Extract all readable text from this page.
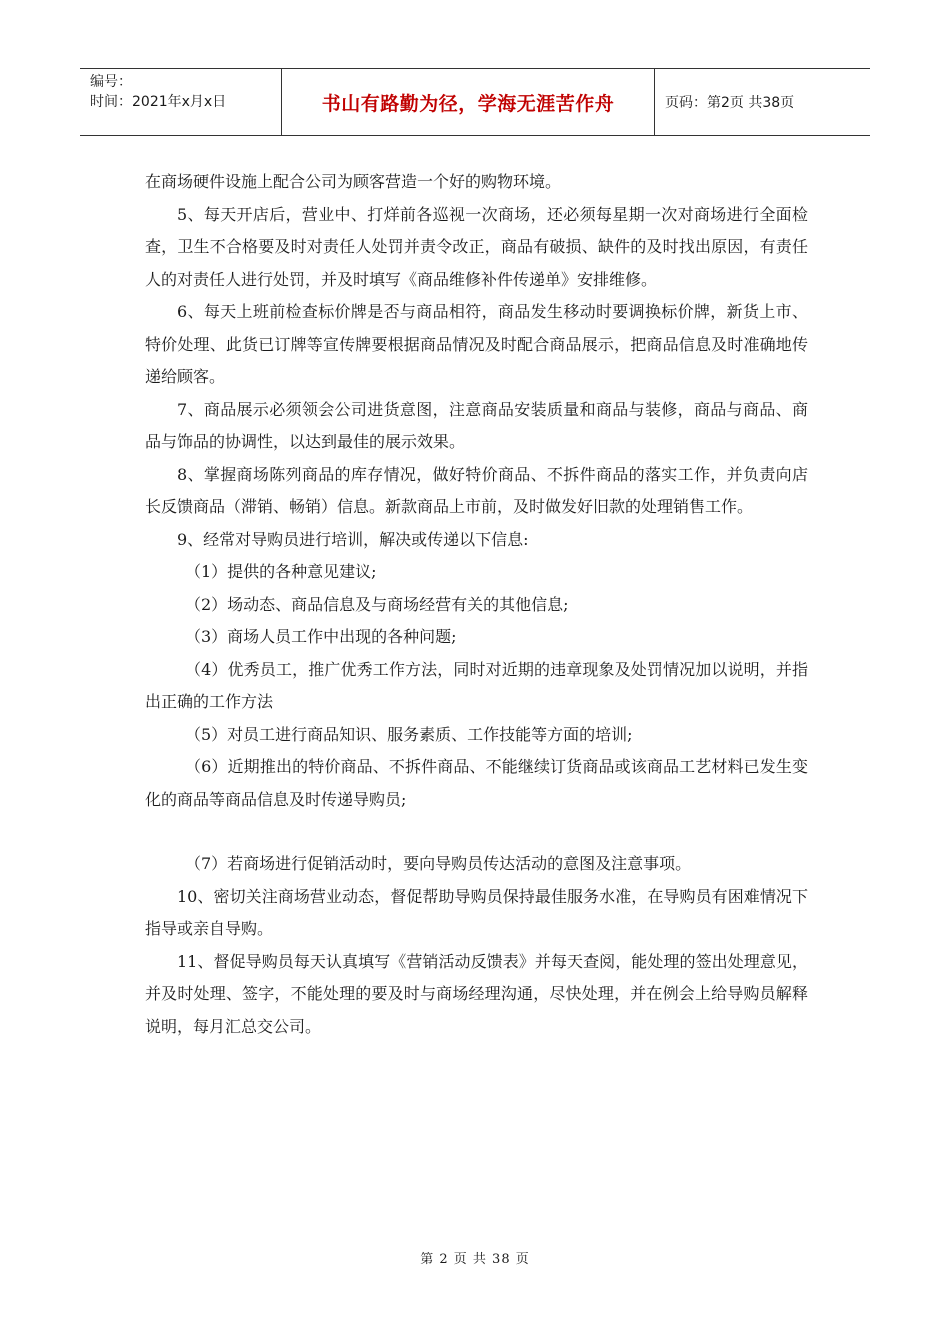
编号：
时间：2021年x月x日	书山有路勤为径，学海无涯苦作舟	页码：第2页 共38页

在商场硬件设施上配合公司为顾客营造一个好的购物环境。

5、每天开店后，营业中、打烊前各巡视一次商场，还必须每星期一次对商场进行全面检查，卫生不合格要及时对责任人处罚并责令改正，商品有破损、缺件的及时找出原因，有责任人的对责任人进行处罚，并及时填写《商品维修补件传递单》安排维修。

6、每天上班前检查标价牌是否与商品相符，商品发生移动时要调换标价牌，新货上市、特价处理、此货已订牌等宣传牌要根据商品情况及时配合商品展示，把商品信息及时准确地传递给顾客。

7、商品展示必须领会公司进货意图，注意商品安装质量和商品与装修，商品与商品、商品与饰品的协调性，以达到最佳的展示效果。

8、掌握商场陈列商品的库存情况，做好特价商品、不拆件商品的落实工作，并负责向店长反馈商品（滞销、畅销）信息。新款商品上市前，及时做发好旧款的处理销售工作。

9、经常对导购员进行培训，解决或传递以下信息:

（1）提供的各种意见建议;

（2）场动态、商品信息及与商场经营有关的其他信息;

（3）商场人员工作中出现的各种问题;

（4）优秀员工，推广优秀工作方法，同时对近期的违章现象及处罚情况加以说明，并指出正确的工作方法

（5）对员工进行商品知识、服务素质、工作技能等方面的培训;

（6）近期推出的特价商品、不拆件商品、不能继续订货商品或该商品工艺材料已发生变化的商品等商品信息及时传递导购员;

（7）若商场进行促销活动时，要向导购员传达活动的意图及注意事项。

10、密切关注商场营业动态，督促帮助导购员保持最佳服务水准，在导购员有困难情况下指导或亲自导购。

11、督促导购员每天认真填写《营销活动反馈表》并每天查阅，能处理的签出处理意见，并及时处理、签字，不能处理的要及时与商场经理沟通，尽快处理，并在例会上给导购员解释说明，每月汇总交公司。

第 2 页 共 38 页
